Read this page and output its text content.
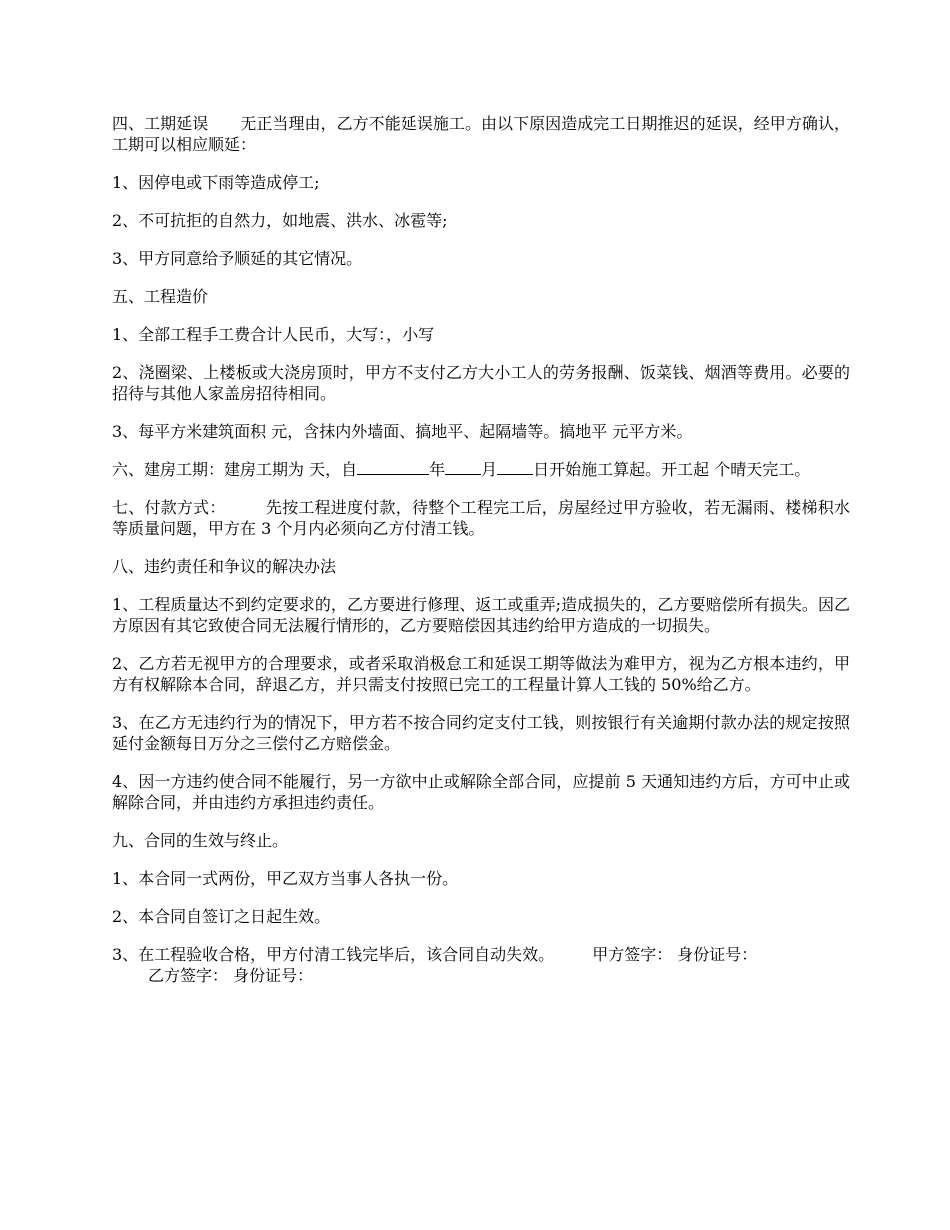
四、工期延误 无正当理由，乙方不能延误施工。由以下原因造成完工日期推迟的延误，经甲方确认，工期可以相应顺延：

1、因停电或下雨等造成停工;

2、不可抗拒的自然力，如地震、洪水、冰雹等;

3、甲方同意给予顺延的其它情况。

五、工程造价

1、全部工程手工费合计人民币，大写：，小写

2、浇圈梁、上楼板或大浇房顶时，甲方不支付乙方大小工人的劳务报酬、饭菜钱、烟酒等费用。必要的招待与其他人家盖房招待相同。

3、每平方米建筑面积 元，含抹内外墙面、搞地平、起隔墙等。搞地平 元平方米。

六、建房工期：建房工期为 天，自	年 月 日开始施工算起。开工起 个晴天完工。

七、付款方式：	先按工程进度付款，待整个工程完工后，房屋经过甲方验收，若无漏雨、楼梯积水等质量问题，甲方在 3 个月内必须向乙方付清工钱。

八、违约责任和争议的解决办法

1、工程质量达不到约定要求的，乙方要进行修理、返工或重弄;造成损失的，乙方要赔偿所有损失。因乙方原因有其它致使合同无法履行情形的，乙方要赔偿因其违约给甲方造成的一切损失。

2、乙方若无视甲方的合理要求，或者采取消极怠工和延误工期等做法为难甲方，视为乙方根本违约，甲方有权解除本合同，辞退乙方，并只需支付按照已完工的工程量计算人工钱的 50%给乙方。

3、在乙方无违约行为的情况下，甲方若不按合同约定支付工钱，则按银行有关逾期付款办法的规定按照延付金额每日万分之三偿付乙方赔偿金。

4、因一方违约使合同不能履行，另一方欲中止或解除全部合同，应提前 5 天通知违约方后，方可中止或解除合同，并由违约方承担违约责任。

九、合同的生效与终止。

1、本合同一式两份，甲乙双方当事人各执一份。

2、本合同自签订之日起生效。

3、在工程验收合格，甲方付清工钱完毕后，该合同自动失效。 甲方签字： 身份证号：
乙方签字： 身份证号：
